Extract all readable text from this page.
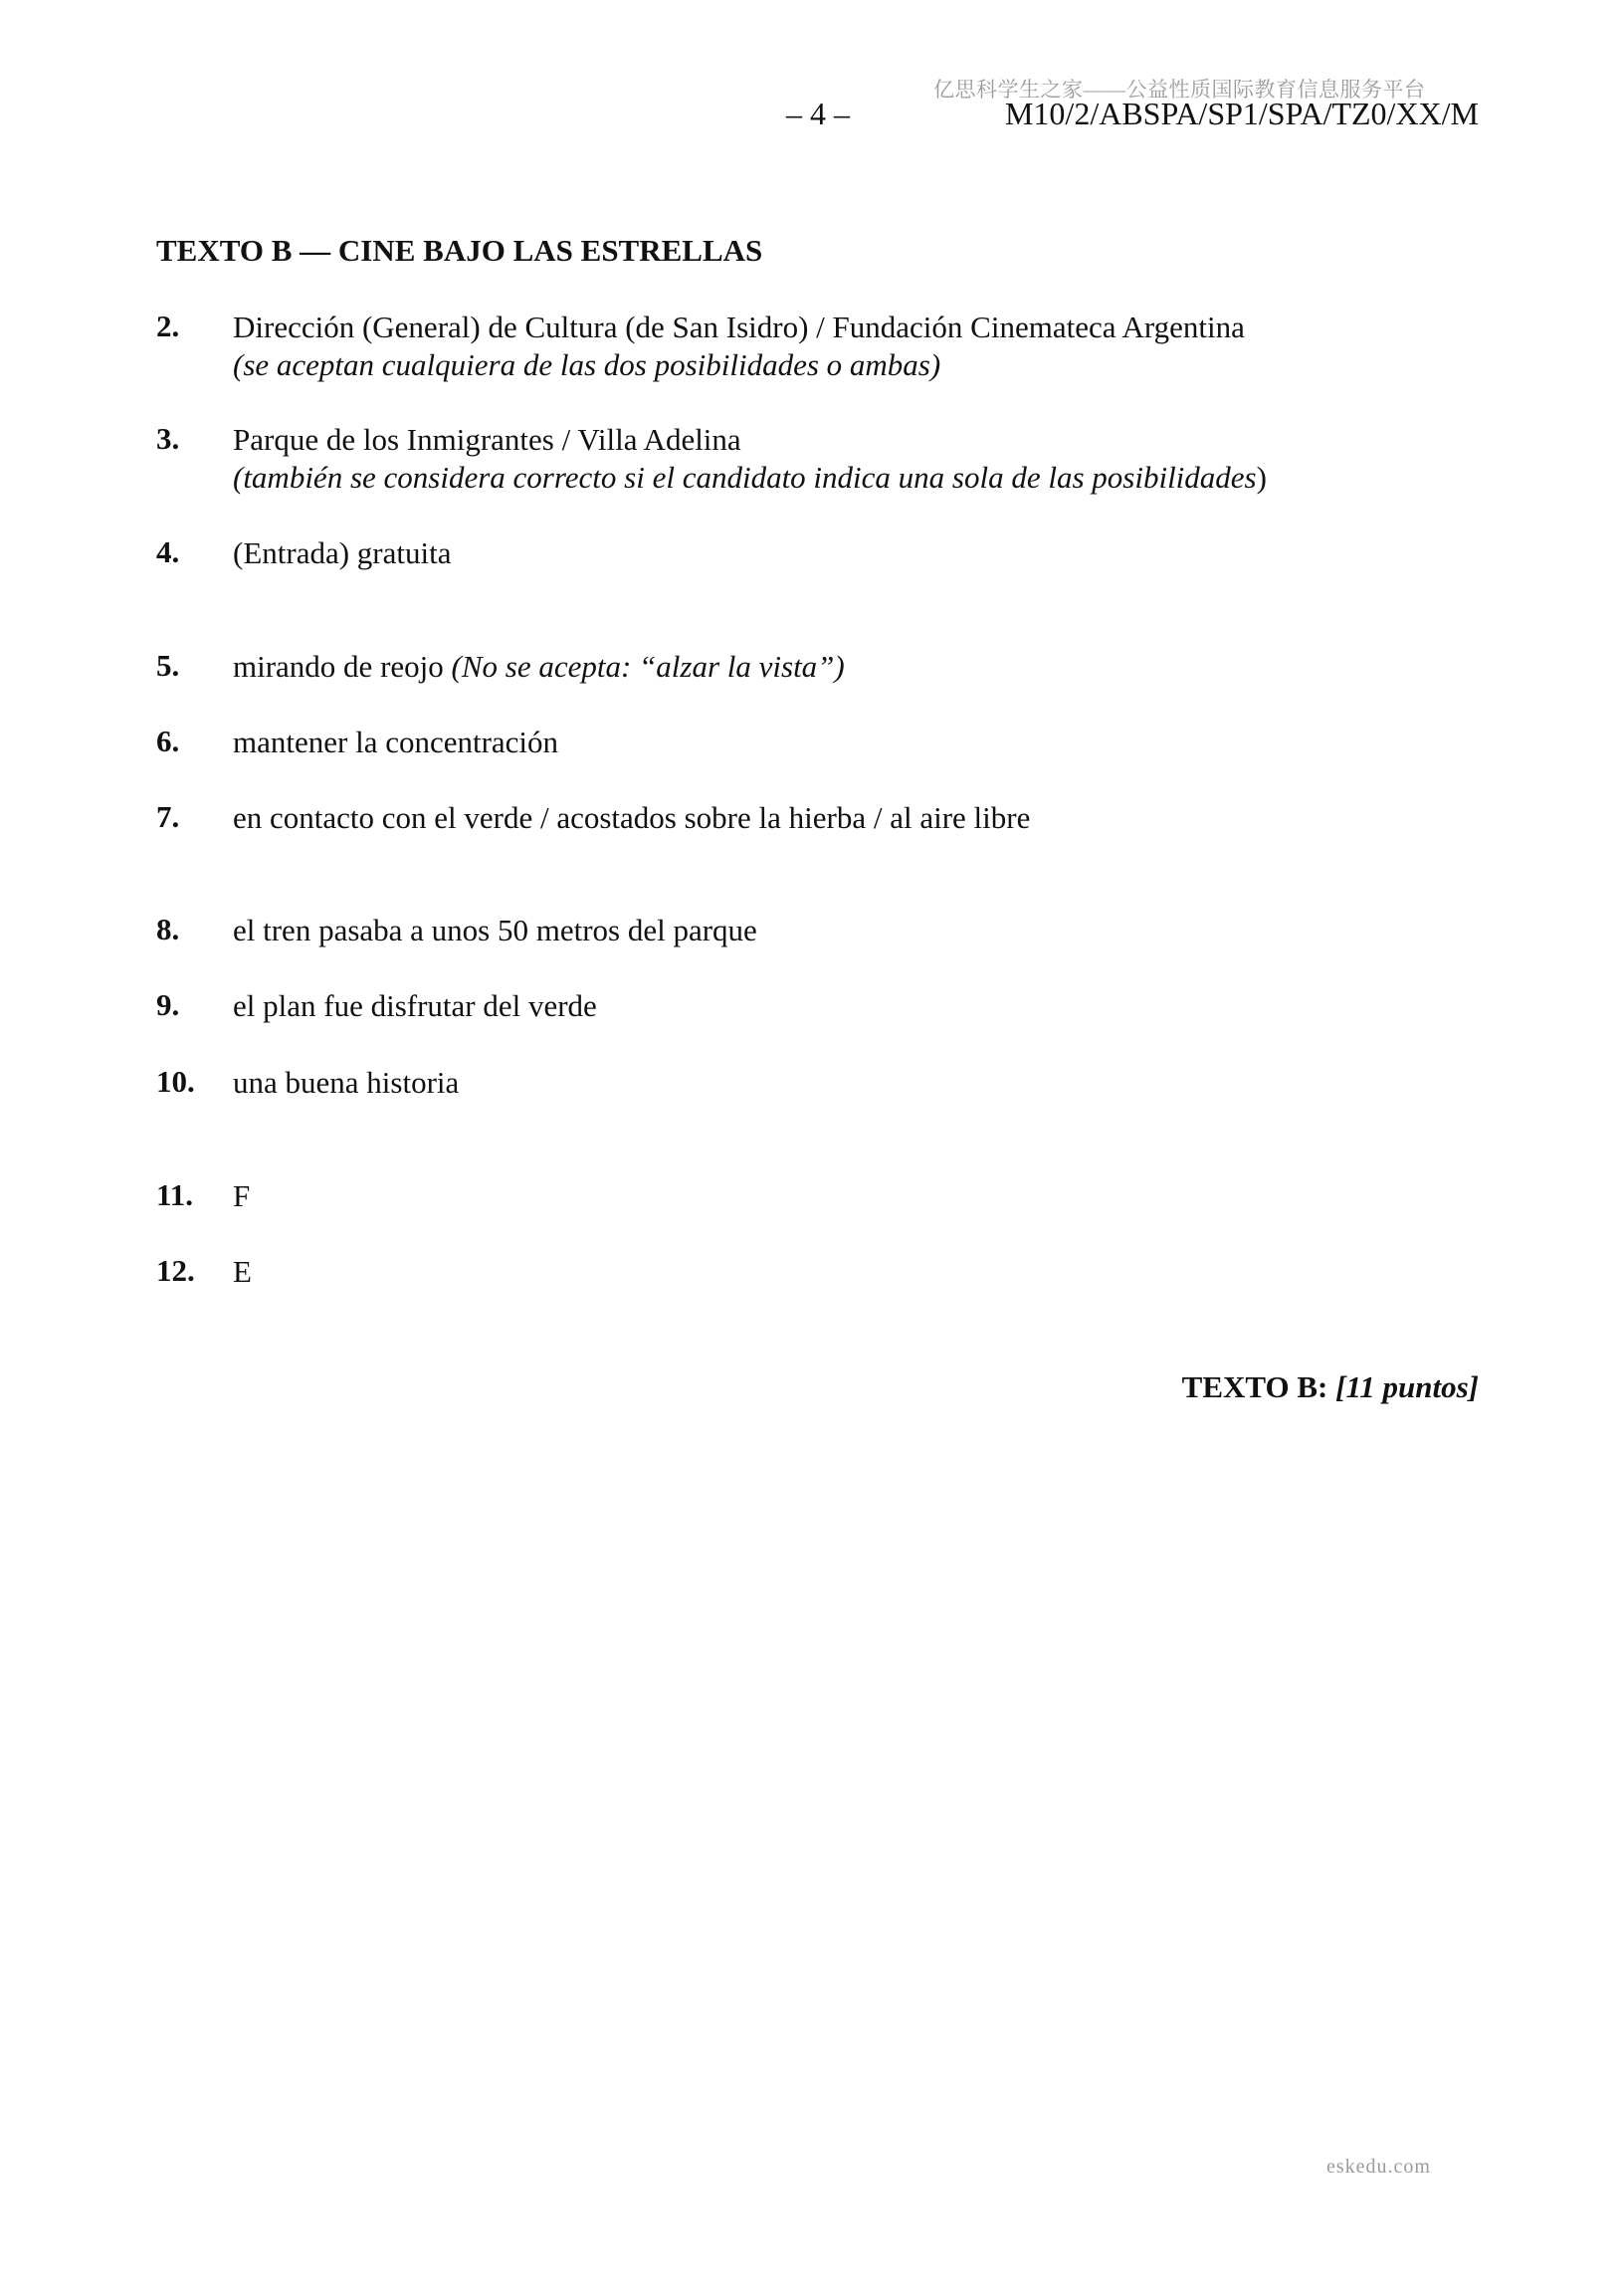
亿思科学生之家——公益性质国际教育信息服务平台
– 4 –	M10/2/ABSPA/SP1/SPA/TZ0/XX/M
TEXTO B — CINE BAJO LAS ESTRELLAS
2. Dirección (General) de Cultura (de San Isidro) / Fundación Cinemateca Argentina
(se aceptan cualquiera de las dos posibilidades o ambas)
3. Parque de los Inmigrantes / Villa Adelina
(también se considera correcto si el candidato indica una sola de las posibilidades)
4. (Entrada) gratuita
5. mirando de reojo (No se acepta: “alzar la vista”)
6. mantener la concentración
7. en contacto con el verde / acostados sobre la hierba / al aire libre
8. el tren pasaba a unos 50 metros del parque
9. el plan fue disfrutar del verde
10. una buena historia
11. F
12. E
TEXTO B: [11 puntos]
eskedu.com
